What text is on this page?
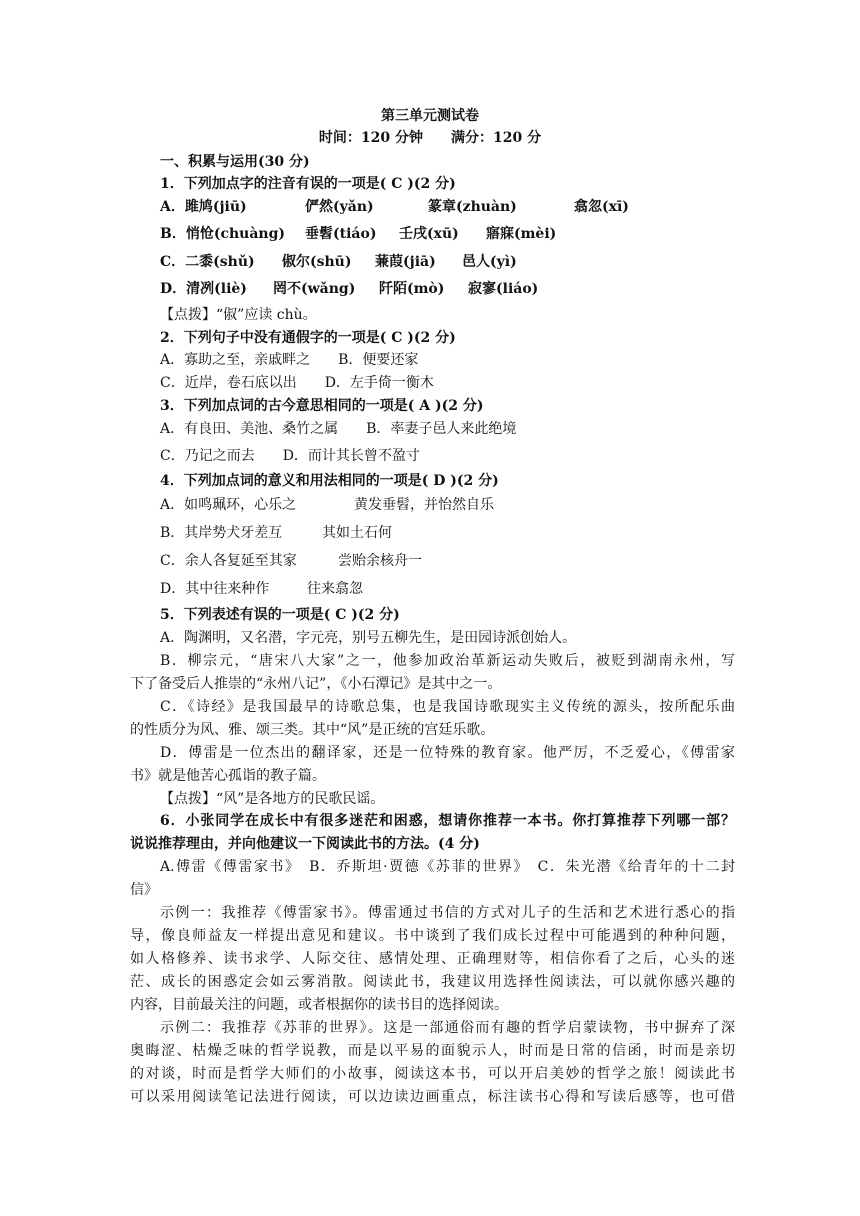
第三单元测试卷
时间：120 分钟　　满分：120 分
一、积累与运用(30 分)
1．下列加点字的注音有误的一项是( C )(2 分)
A．雎鸠(jiū)	俨然(yǎn)	篆章(zhuàn)	翕忽(xī)
B．悄怆(chuàng) 垂髫(tiáo) 壬戌(xū) 寤寐(mèi)
C．二黍(shǔ) 俶尔(shū) 蒹葭(jiā) 邑人(yì)
D．清冽(liè) 罔不(wǎng) 阡陌(mò) 寂寥(liáo)
【点拨】“俶”应读 chù。
2．下列句子中没有通假字的一项是( C )(2 分)
A．寡助之至，亲戚畔之　　B．便要还家
C．近岸，卷石底以出　　D．左手倚一衡木
3．下列加点词的古今意思相同的一项是( A )(2 分)
A．有良田、美池、桑竹之属　　B．率妻子邑人来此绝境
C．乃记之而去　　D．而计其长曾不盈寸
4．下列加点词的意义和用法相同的一项是( D )(2 分)
A．如鸣珮环，心乐之	黄发垂髫，并怡然自乐
B．其岸势犬牙差互	其如土石何
C．余人各复延至其家	尝贻余核舟一
D．其中往来种作	往来翕忽
5．下列表述有误的一项是( C )(2 分)
A．陶渊明，又名潜，字元亮，别号五柳先生，是田园诗派创始人。
B．柳宗元，“唐宋八大家”之一，他参加政治革新运动失败后，被贬到湖南永州，写
下了备受后人推崇的“永州八记”，《小石潭记》是其中之一。
C．《诗经》是我国最早的诗歌总集，也是我国诗歌现实主义传统的源头，按所配乐曲
的性质分为风、雅、颂三类。其中“风”是正统的宫廷乐歌。
D．傅雷是一位杰出的翻译家，还是一位特殊的教育家。他严厉，不乏爱心，《傅雷家
书》就是他苦心孤诣的教子篇。
【点拨】“风”是各地方的民歌民谣。
6．小张同学在成长中有很多迷茫和困惑，想请你推荐一本书。你打算推荐下列哪一部？
说说推荐理由，并向他建议一下阅读此书的方法。(4 分)
A.傅雷《傅雷家书》　B．乔斯坦·贾德《苏菲的世界》　C．朱光潜《给青年的十二封
信》
示例一：我推荐《傅雷家书》。傅雷通过书信的方式对儿子的生活和艺术进行悉心的指
导，像良师益友一样提出意见和建议。书中谈到了我们成长过程中可能遇到的种种问题，
如人格修养、读书求学、人际交往、感情处理、正确理财等，相信你看了之后，心头的迷
茫、成长的困惑定会如云雾消散。阅读此书，我建议用选择性阅读法，可以就你感兴趣的
内容，目前最关注的问题，或者根据你的读书目的选择阅读。
示例二：我推荐《苏菲的世界》。这是一部通俗而有趣的哲学启蒙读物，书中摒弃了深
奥晦涩、枯燥乏味的哲学说教，而是以平易的面貌示人，时而是日常的信函，时而是亲切
的对谈，时而是哲学大师们的小故事，阅读这本书，可以开启美妙的哲学之旅！阅读此书
可以采用阅读笔记法进行阅读，可以边读边画重点，标注读书心得和写读后感等，也可借
